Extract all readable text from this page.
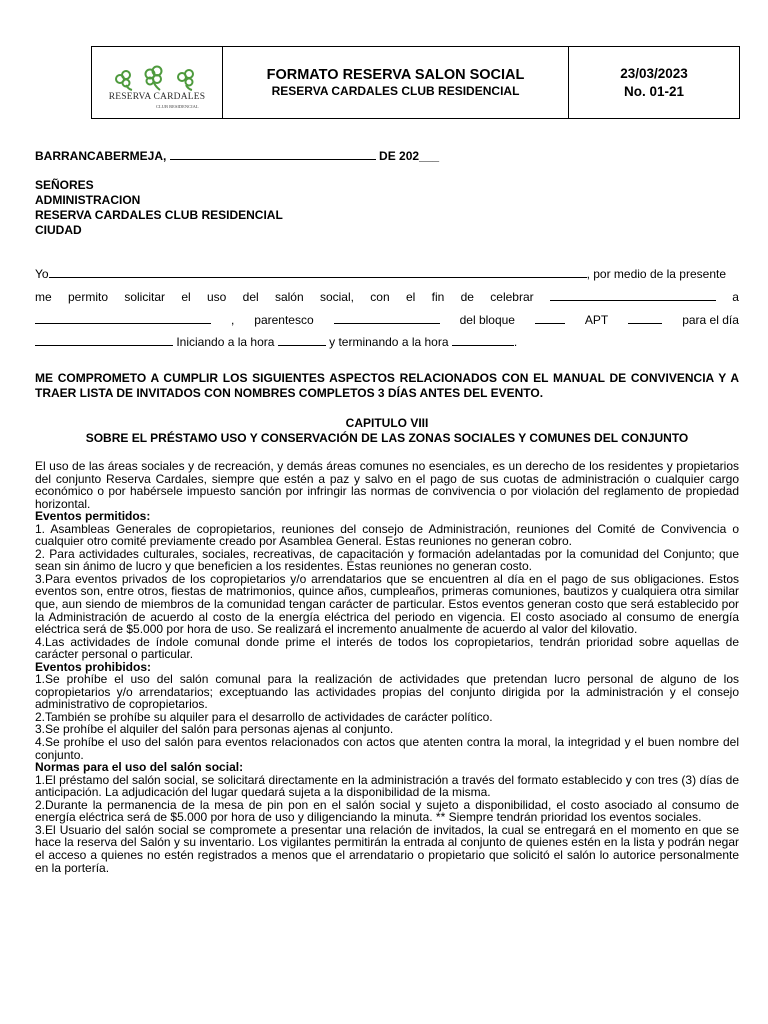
RESERVA CARDALES
CLUB RESIDENCIAL
FORMATO RESERVA SALON SOCIAL
RESERVA CARDALES CLUB RESIDENCIAL
23/03/2023
No. 01-21
BARRANCABERMEJA,	DE 202___
SEÑORES
ADMINISTRACION
RESERVA CARDALES CLUB RESIDENCIAL
CIUDAD
Yo	, por medio de la presente
me permito solicitar el uso del salón social, con el fin de celebrar	a
, parentesco	del bloque	APT	para el día
Iniciando a la hora	y terminando a la hora	.
ME COMPROMETO A CUMPLIR LOS SIGUIENTES ASPECTOS RELACIONADOS CON EL MANUAL DE CONVIVENCIA Y A TRAER LISTA DE INVITADOS CON NOMBRES COMPLETOS 3 DÍAS ANTES DEL EVENTO.
CAPITULO VIII
SOBRE EL PRÉSTAMO USO Y CONSERVACIÓN DE LAS ZONAS SOCIALES Y COMUNES DEL CONJUNTO

El uso de las áreas sociales y de recreación, y demás áreas comunes no esenciales, es un derecho de los residentes y propietarios del conjunto Reserva Cardales, siempre que estén a paz y salvo en el pago de sus cuotas de administración o cualquier cargo económico o por habérsele impuesto sanción por infringir las normas de convivencia o por violación del reglamento de propiedad horizontal.

Eventos permitidos:

1. Asambleas Generales de copropietarios, reuniones del consejo de Administración, reuniones del Comité de Convivencia o cualquier otro comité previamente creado por Asamblea General. Estas reuniones no generan cobro.

2. Para actividades culturales, sociales, recreativas, de capacitación y formación adelantadas por la comunidad del Conjunto; que sean sin ánimo de lucro y que beneficien a los residentes. Estas reuniones no generan costo.

3.Para eventos privados de los copropietarios y/o arrendatarios que se encuentren al día en el pago de sus obligaciones. Estos eventos son, entre otros, fiestas de matrimonios, quince años, cumpleaños, primeras comuniones, bautizos y cualquiera otra similar que, aun siendo de miembros de la comunidad tengan carácter de particular. Estos eventos generan costo que será establecido por la Administración de acuerdo al costo de la energía eléctrica del periodo en vigencia. El costo asociado al consumo de energía eléctrica será de $5.000 por hora de uso. Se realizará el incremento anualmente de acuerdo al valor del kilovatio.

4.Las actividades de índole comunal donde prime el interés de todos los copropietarios, tendrán prioridad sobre aquellas de carácter personal o particular.

Eventos prohibidos:

1.Se prohíbe el uso del salón comunal para la realización de actividades que pretendan lucro personal de alguno de los copropietarios y/o arrendatarios; exceptuando las actividades propias del conjunto dirigida por la administración y el consejo administrativo de copropietarios.

2.También se prohíbe su alquiler para el desarrollo de actividades de carácter político.

3.Se prohíbe el alquiler del salón para personas ajenas al conjunto.

4.Se prohíbe el uso del salón para eventos relacionados con actos que atenten contra la moral, la integridad y el buen nombre del conjunto.

Normas para el uso del salón social:

1.El préstamo del salón social, se solicitará directamente en la administración a través del formato establecido y con tres (3) días de anticipación. La adjudicación del lugar quedará sujeta a la disponibilidad de la misma.

2.Durante la permanencia de la mesa de pin pon en el salón social y sujeto a disponibilidad, el costo asociado al consumo de energía eléctrica será de $5.000 por hora de uso y diligenciando la minuta. ** Siempre tendrán prioridad los eventos sociales.

3.El Usuario del salón social se compromete a presentar una relación de invitados, la cual se entregará en el momento en que se hace la reserva del Salón y su inventario. Los vigilantes permitirán la entrada al conjunto de quienes estén en la lista y podrán negar el acceso a quienes no estén registrados a menos que el arrendatario o propietario que solicitó el salón lo autorice personalmente en la portería.
